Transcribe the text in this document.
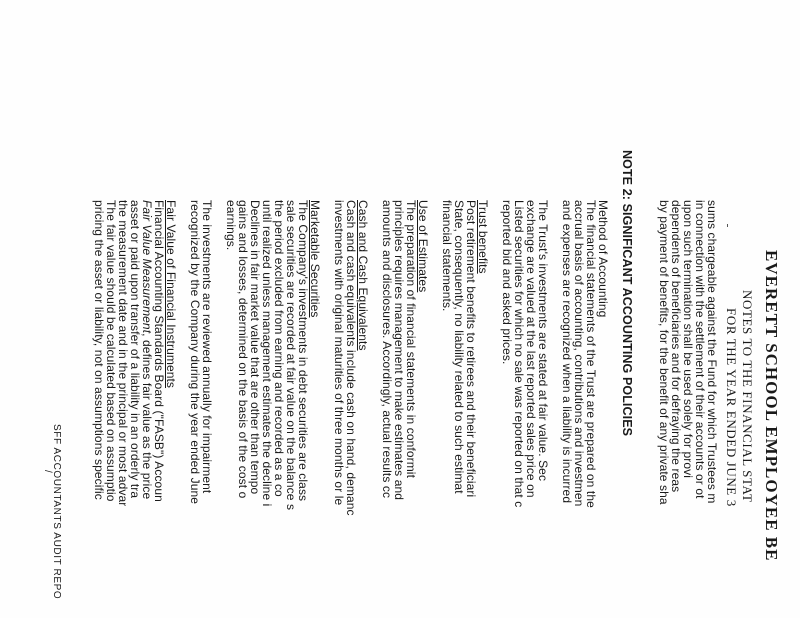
EVERETT SCHOOL EMPLOYEE BE
NOTES TO THE FINANCIAL STAT
FOR THE YEAR ENDED JUNE 3
sums chargeable against the Fund for which Trustees m
in connection with the settlement of their accounts or ot
upon such termination shall be used solely for provi
dependents of beneficiaries and for defraying the reas
by payment of benefits, for the benefit of any private sha
NOTE 2: SIGNIFICANT ACCOUNTING POLICIES
Method of Accounting
The financial statements of the Trust are prepared on the
accrual basis of accounting, contributions and investmen
and expenses are recognized when a liability is incurred
The Trust's investments are stated at fair value. Sec
exchange are valued at the last reported sales price on
Listed securities for which no sale was reported on that c
reported bid and asked prices.
Trust benefits
Post retirement benefits to retirees and their beneficiari
State, consequently, no liability related to such estimat
financial statements.
Use of Estimates
The preparation of financial statements in conformit
principles requires management to make estimates and
amounts and disclosures. Accordingly, actual results cc
Cash and Cash Equivalents
Cash and cash equivalents include cash on hand, demanc
investments with original maturities of three months or le
Marketable Securities
The Company's investments in debt securities are class
sale securities are recorded at fair value on the balance s
the period excluded from earning and recorded as a co
until realized unless management estimates the decline i
Declines in fair market value that are other than tempo
gains and losses, determined on the basis of the cost o
earnings.
The investments are reviewed annually for impairment
recognized by the Company during the year ended June
Fair Value of Financial Instruments
Financial Accounting Standards Board ("FASB") Accoun
Fair Value Measurement, defines fair value as the price
asset or paid upon transfer of a liability in an orderly tra
the measurement date and in the principal or most advar
The fair value should be calculated based on assumptio
pricing the asset or liability, not on assumptions specific
SFF ACCOUNTANTS AUDIT REPO
/
